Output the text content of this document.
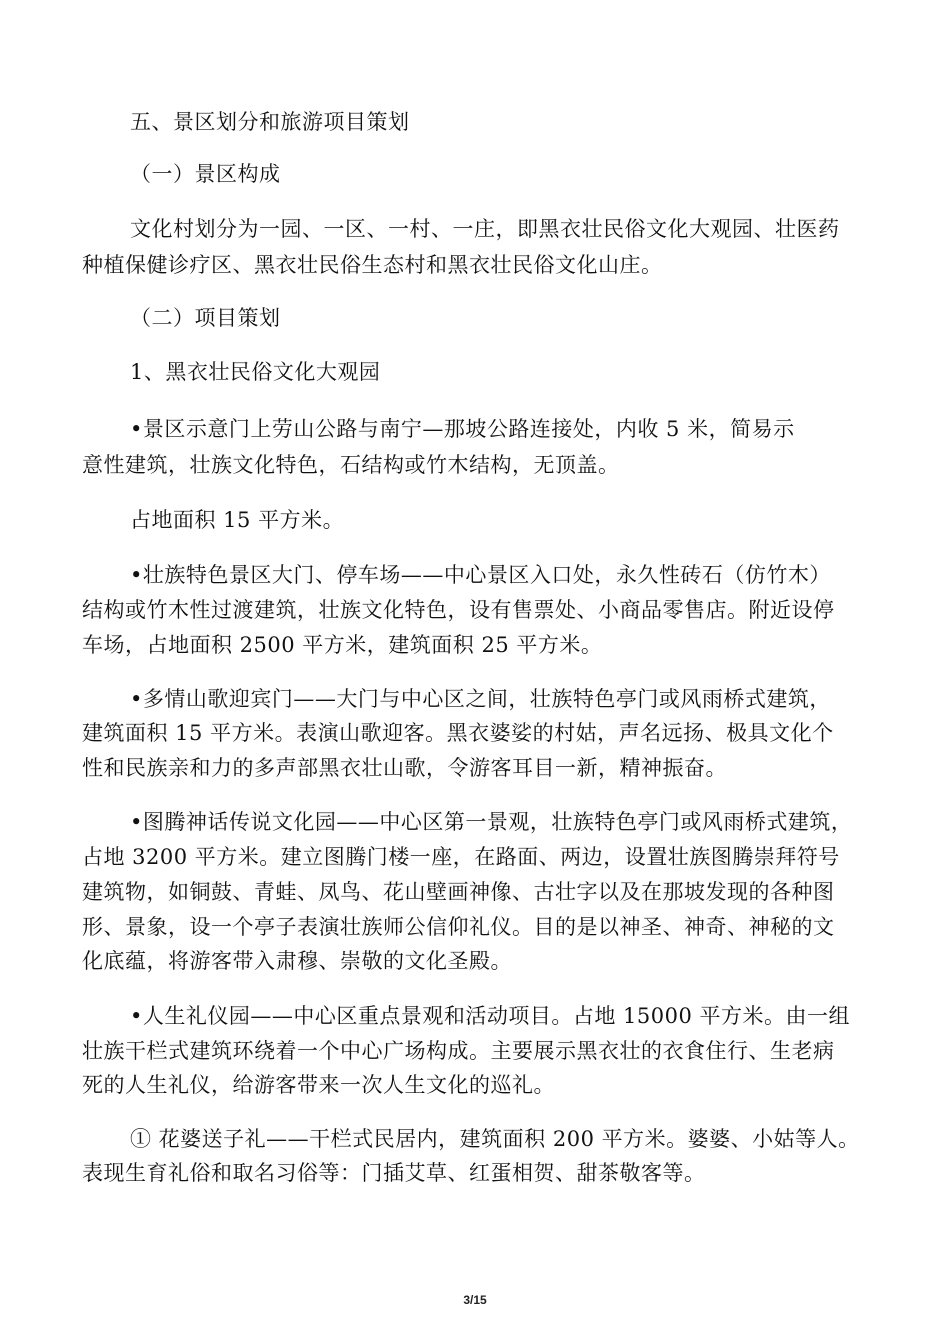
五、景区划分和旅游项目策划
（一）景区构成
文化村划分为一园、一区、一村、一庄，即黑衣壮民俗文化大观园、壮医药
种植保健诊疗区、黑衣壮民俗生态村和黑衣壮民俗文化山庄。
（二）项目策划
1、黑衣壮民俗文化大观园
•景区示意门上劳山公路与南宁—那坡公路连接处，内收 5 米，简易示
意性建筑，壮族文化特色，石结构或竹木结构，无顶盖。
占地面积 15 平方米。
•壮族特色景区大门、停车场——中心景区入口处，永久性砖石（仿竹木）
结构或竹木性过渡建筑，壮族文化特色，设有售票处、小商品零售店。附近设停
车场，占地面积 2500 平方米，建筑面积 25 平方米。
•多情山歌迎宾门——大门与中心区之间，壮族特色亭门或风雨桥式建筑，
建筑面积 15 平方米。表演山歌迎客。黑衣婆娑的村姑，声名远扬、极具文化个
性和民族亲和力的多声部黑衣壮山歌，令游客耳目一新，精神振奋。
•图腾神话传说文化园——中心区第一景观，壮族特色亭门或风雨桥式建筑，
占地 3200 平方米。建立图腾门楼一座，在路面、两边，设置壮族图腾崇拜符号
建筑物，如铜鼓、青蛙、凤鸟、花山壁画神像、古壮字以及在那坡发现的各种图
形、景象，设一个亭子表演壮族师公信仰礼仪。目的是以神圣、神奇、神秘的文
化底蕴，将游客带入肃穆、崇敬的文化圣殿。
•人生礼仪园——中心区重点景观和活动项目。占地 15000 平方米。由一组
壮族干栏式建筑环绕着一个中心广场构成。主要展示黑衣壮的衣食住行、生老病
死的人生礼仪，给游客带来一次人生文化的巡礼。
① 花婆送子礼——干栏式民居内，建筑面积 200 平方米。婆婆、小姑等人。
表现生育礼俗和取名习俗等：门插艾草、红蛋相贺、甜茶敬客等。
3/15
